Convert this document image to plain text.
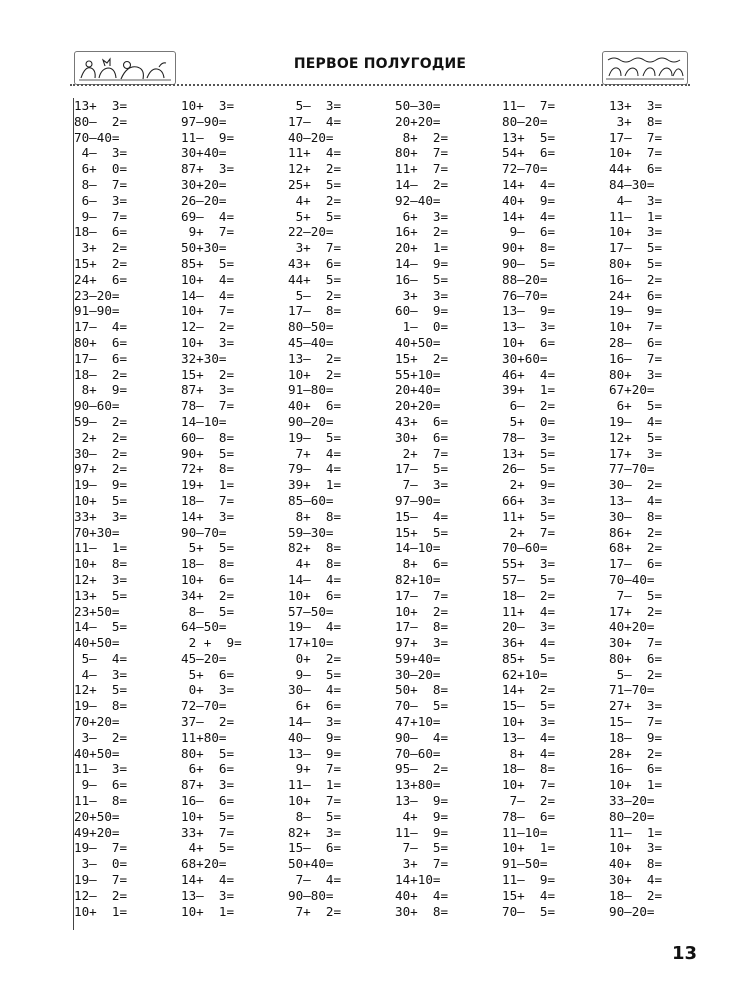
ПЕРВОЕ ПОЛУГОДИЕ
13+  3=	10+  3=	5–  3=	50–30=	11–  7=	13+  3=
80–  2=	97–90=	17–  4=	20+20=	80–20=	3+  8=
70–40=	11–  9=	40–20=	8+  2=	13+  5=	17–  7=
4–  3=	30+40=	11+  4=	80+  7=	54+  6=	10+  7=
6+  0=	87+  3=	12+  2=	11+  7=	72–70=	44+  6=
8–  7=	30+20=	25+  5=	14–  2=	14+  4=	84–30=
6–  3=	26–20=	4+  2=	92–40=	40+  9=	4–  3=
9–  7=	69–  4=	5+  5=	6+  3=	14+  4=	11–  1=
18–  6=	9+  7=	22–20=	16+  2=	9–  6=	10+  3=
3+  2=	50+30=	3+  7=	20+  1=	90+  8=	17–  5=
15+  2=	85+  5=	43+  6=	14–  9=	90–  5=	80+  5=
24+  6=	10+  4=	44+  5=	16–  5=	88–20=	16–  2=
23–20=	14–  4=	5–  2=	3+  3=	76–70=	24+  6=
91–90=	10+  7=	17–  8=	60–  9=	13–  9=	19–  9=
17–  4=	12–  2=	80–50=	1–  0=	13–  3=	10+  7=
80+  6=	10+  3=	45–40=	40+50=	10+  6=	28–  6=
17–  6=	32+30=	13–  2=	15+  2=	30+60=	16–  7=
18–  2=	15+  2=	10+  2=	55+10=	46+  4=	80+  3=
8+  9=	87+  3=	91–80=	20+40=	39+  1=	67+20=
90–60=	78–  7=	40+  6=	20+20=	6–  2=	6+  5=
59–  2=	14–10=	90–20=	43+  6=	5+  0=	19–  4=
2+  2=	60–  8=	19–  5=	30+  6=	78–  3=	12+  5=
30–  2=	90+  5=	7+  4=	2+  7=	13+  5=	17+  3=
97+  2=	72+  8=	79–  4=	17–  5=	26–  5=	77–70=
19–  9=	19+  1=	39+  1=	7–  3=	2+  9=	30–  2=
10+  5=	18–  7=	85–60=	97–90=	66+  3=	13–  4=
33+  3=	14+  3=	8+  8=	15–  4=	11+  5=	30–  8=
70+30=	90–70=	59–30=	15+  5=	2+  7=	86+  2=
11–  1=	5+  5=	82+  8=	14–10=	70–60=	68+  2=
10+  8=	18–  8=	4+  8=	8+  6=	55+  3=	17–  6=
12+  3=	10+  6=	14–  4=	82+10=	57–  5=	70–40=
13+  5=	34+  2=	10+  6=	17–  7=	18–  2=	7–  5=
23+50=	8–  5=	57–50=	10+  2=	11+  4=	17+  2=
14–  5=	64–50=	19–  4=	17–  8=	20–  3=	40+20=
40+50=	2 +  9=	17+10=	97+  3=	36+  4=	30+  7=
5–  4=	45–20=	0+  2=	59+40=	85+  5=	80+  6=
4–  3=	5+  6=	9–  5=	30–20=	62+10=	5–  2=
12+  5=	0+  3=	30–  4=	50+  8=	14+  2=	71–70=
19–  8=	72–70=	6+  6=	70–  5=	15–  5=	27+  3=
70+20=	37–  2=	14–  3=	47+10=	10+  3=	15–  7=
3–  2=	11+80=	40–  9=	90–  4=	13–  4=	18–  9=
40+50=	80+  5=	13–  9=	70–60=	8+  4=	28+  2=
11–  3=	6+  6=	9+  7=	95–  2=	18–  8=	16–  6=
9–  6=	87+  3=	11–  1=	13+80=	10+  7=	10+  1=
11–  8=	16–  6=	10+  7=	13–  9=	7–  2=	33–20=
20+50=	10+  5=	8–  5=	4+  9=	78–  6=	80–20=
49+20=	33+  7=	82+  3=	11–  9=	11–10=	11–  1=
19–  7=	4+  5=	15–  6=	7–  5=	10+  1=	10+  3=
3–  0=	68+20=	50+40=	3+  7=	91–50=	40+  8=
19–  7=	14+  4=	7–  4=	14+10=	11–  9=	30+  4=
12–  2=	13–  3=	90–80=	40+  4=	15+  4=	18–  2=
10+  1=	10+  1=	7+  2=	30+  8=	70–  5=	90–20=
13
